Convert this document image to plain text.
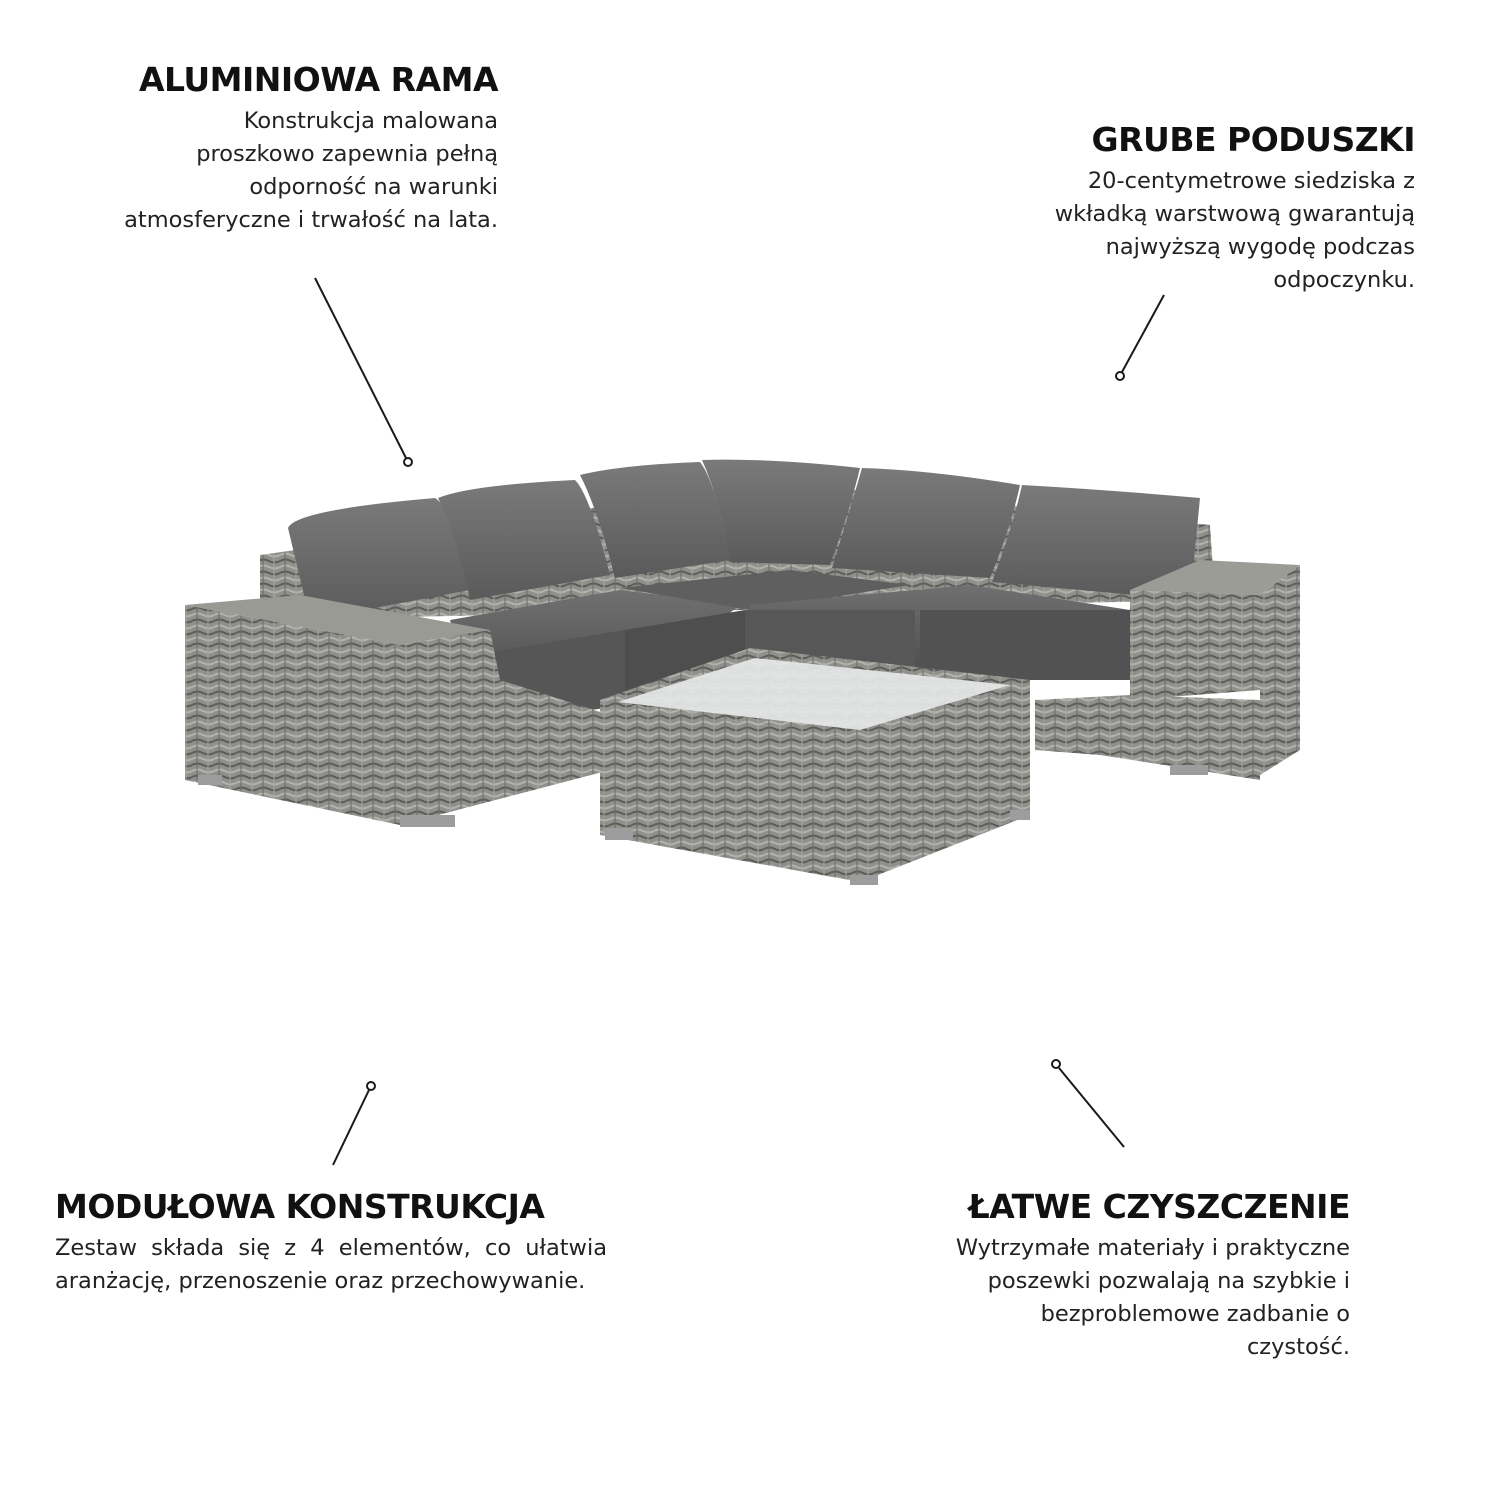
ALUMINIOWA RAMA

Konstrukcja malowana
proszkowo zapewnia pełną
odporność na warunki
atmosferyczne i trwałość na lata.

GRUBE PODUSZKI

20-centymetrowe siedziska z
wkładką warstwową gwarantują
najwyższą wygodę podczas
odpoczynku.

MODUŁOWA KONSTRUKCJA

Zestaw składa się z 4 elementów, co ułatwia aranżację, przenoszenie oraz przechowywanie.

ŁATWE CZYSZCZENIE

Wytrzymałe materiały i praktyczne
poszewki pozwalają na szybkie i
bezproblemowe zadbanie o
czystość.
